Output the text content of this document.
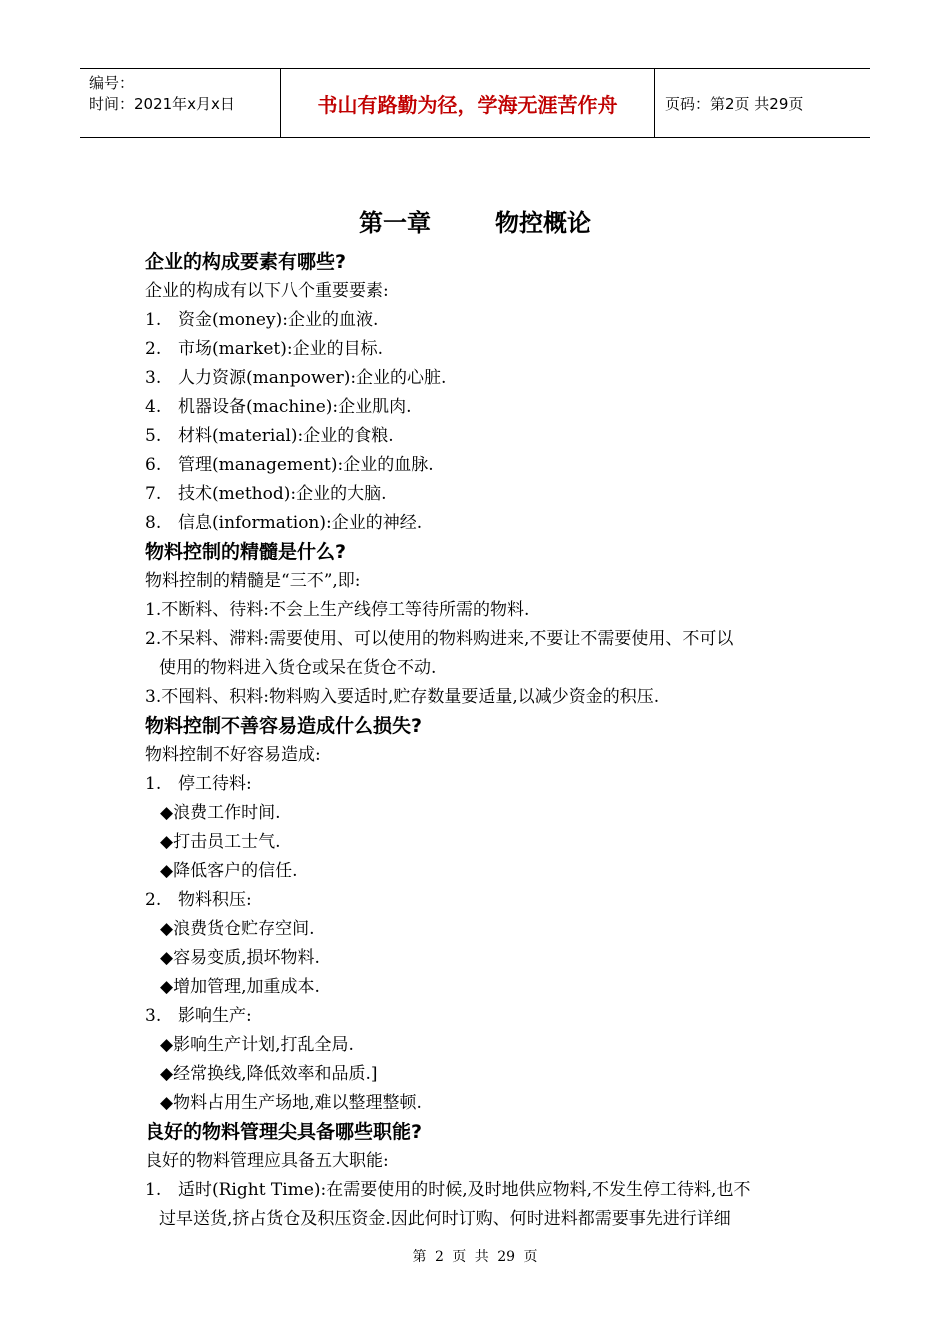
编号：
时间：2021年x月x日	书山有路勤为径，学海无涯苦作舟	页码：第2页 共29页
第一章	物控概论
企业的构成要素有哪些?
企业的构成有以下八个重要要素:
1. 资金(money):企业的血液.
2. 市场(market):企业的目标.
3. 人力资源(manpower):企业的心脏.
4. 机器设备(machine):企业肌肉.
5. 材料(material):企业的食粮.
6. 管理(management):企业的血脉.
7. 技术(method):企业的大脑.
8. 信息(information):企业的神经.
物料控制的精髓是什么?
物料控制的精髓是“三不”,即:
1.不断料、待料:不会上生产线停工等待所需的物料.
2.不呆料、滞料:需要使用、可以使用的物料购进来,不要让不需要使用、不可以
使用的物料进入货仓或呆在货仓不动.
3.不囤料、积料:物料购入要适时,贮存数量要适量,以减少资金的积压.
物料控制不善容易造成什么损失?
物料控制不好容易造成:
1. 停工待料:
◆浪费工作时间.
◆打击员工士气.
◆降低客户的信任.
2. 物料积压:
◆浪费货仓贮存空间.
◆容易变质,损坏物料.
◆增加管理,加重成本.
3. 影响生产:
◆影响生产计划,打乱全局.
◆经常换线,降低效率和品质.]
◆物料占用生产场地,难以整理整顿.
良好的物料管理尖具备哪些职能?
良好的物料管理应具备五大职能:
1. 适时(Right Time):在需要使用的时候,及时地供应物料,不发生停工待料,也不
过早送货,挤占货仓及积压资金.因此何时订购、何时进料都需要事先进行详细
第 2 页 共 29 页
